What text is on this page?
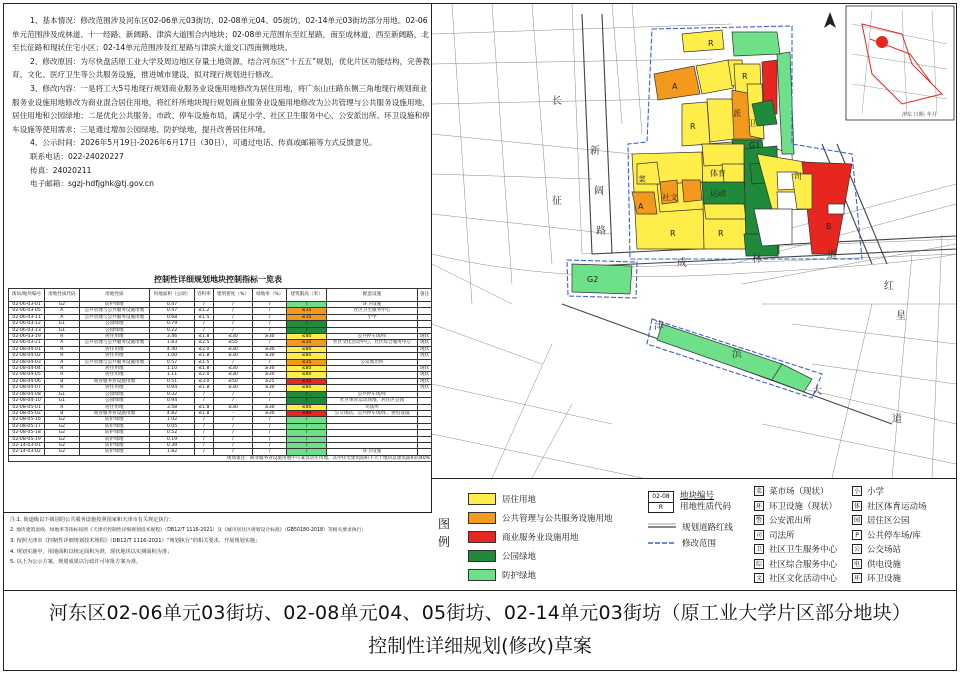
1、基本情况：修改范围涉及河东区02-06单元03街坊、02-08单元04、05街坊、02-14单元03街坊部分用地。02-06单元范围涉及成林道、十一经路、新阔路、津滨大道围合内地块；02-08单元范围东至红星路，南至成林道，西至新阔路，北至长征路和现状住宅小区；02-14单元范围涉及红星路与津滨大道交口西南侧地块。

2、修改原因：为尽快盘活原工业大学及周边地区存量土地资源，结合河东区“十五五”规划，优化片区功能结构，完善教育、文化、医疗卫生等公共服务设施，推进城市建设，拟对现行规划进行修改。

3、修改内容：一是将工大5号地现行规划商业服务业设施用地修改为居住用地，将广东山庄路东侧三角地现行规划商业服务业设施用地修改为商业混合居住用地，将红纤所地块现行规划商业服务业设施用地修改为公共管理与公共服务设施用地、居住用地和公园绿地；二是优化公共服务、市政、停车设施布局，满足小学、社区卫生服务中心、公安派出所、环卫设施和停车设施等使用需求；三是通过增加公园绿地、防护绿地，提升改善居住环境。

4、公示时间：2026年5月19日-2026年6月17日（30日），可通过电话、传真或邮箱等方式反馈意见。

联系电话：022-24020227

传真：24020211

电子邮箱：sgzj-hdfjghk@tj.gov.cn

控制性详细规划地块控制指标一览表
街坊/地块编号	用地性质代码	用地性质	用地面积（公顷）	容积率	建筑密度（%）	绿地率（%）	建筑限高（米）	配套设施	备注
02-06-03-01	G2	防护绿地	0.47	/	/	/	/	环卫设施	
02-06-03-05	A	公共管理与公共服务设施用地	0.47	≤1.2	/	/	≤35	社区卫生服务中心	
02-06-03-11	A	公共管理与公共服务设施用地	0.68	≤1.5	/	/	≤35	小学	
02-06-03-12	G1	公园绿地	0.79	/	/	/	/		
02-06-03-13	G1	公园绿地	0.22	/	/	/	/		
02-06-03-19	R	居住用地	3.46	≤1.8	≤30	≥30	≤80	公共停车场/库	现状
02-06-03-21	A	公共管理与公共服务设施用地	1.83	≤2.5	≤55	/	≤35	社区文化活动中心，社区综合服务中心	现状
02-08-04-01	R	居住用地	4.40	≤2.0	≤30	≥30	≤80		现状
02-08-04-02	R	居住用地	1.00	≤1.8	≤30	≥30	≤80		现状
02-08-04-03	A	公共管理与公共服务设施用地	0.57	≤1.5	/	/	≤35	公安派出所	
02-08-04-04	R	居住用地	1.10	≤1.8	≤30	≥30	≤80		现状
02-08-04-05	R	居住用地	1.11	≤2.0	≤30	≥30	≤80		现状
02-08-04-06	B	商业服务业设施用地	0.51	≤3.0	≤50	≥25	≤50		现状
02-08-04-07	R	居住用地	0.94	≤1.8	≤30	≥30	≤80		现状
02-08-04-08	G1	公园绿地	0.32	/	/	/	/	公共停车场/库	
02-08-04-10	G1	公园绿地	0.94	/	/	/	/	社区体育运动场地，居住区公园	
02-08-05-01	R	居住用地	3.58	≤1.8	≤30	≥30	≤80	司法所	
02-08-05-02	B	商业服务业设施用地	4.82	≤1.8	-	≥30	≤80	公交场站，公共停车场/库，供电设施	
02-08-05-16	G2	防护绿地	1.02	/	/	/	/		
02-08-05-17	G2	防护绿地	0.05	/	/	/	/		
02-08-05-18	G2	防护绿地	0.52	/	/	/	/		
02-08-05-19	G2	防护绿地	0.19	/	/	/	/		
02-14-03-01	G2	防护绿地	0.39	/	/	/	/		
02-14-03-02	G2	防护绿地	1.82	/	/	/	/	环卫设施	
规划备注：商业服务业设施用地中可兼容居住用地，其中住宅建筑面积不大于地块总建筑面积的40%									
注:1. 街道级以下级别的公共服务设施按照国家和天津市有关规定执行；
2. 地块建筑退线、绿地率等指标按照《天津市控制性详细规划技术规程》（DB12/T 1116-2021）及《城市居住区规划设计标准》（GB50180-2018）等相关要求执行；
3. 按照天津市《控制性详细规划技术规程》（DB12/T 1116-2021）“规划执行”的相关要求，开展规划实施；
4. 规划实施中，用地面积以核定面积为准，现状地块以实测面积为准；
5. 以上为公示方案，规划成果以行政许可审批方案为准。
R
A
R
R
G1
R
A
R
B
G2
菜
卫
社文
派
司
体育
运动
新
阔
路
成	林	道
红
星
津
滨
大
道
长
征
津东 日期: 年月
图例
居住用地
公共管理与公共服务设施用地
商业服务业设施用地
公园绿地
防护绿地
02-08
R
地块编号
用地性质代码
规划道路红线
修改范围
菜 菜市场（现状）
环 环卫设施（现状）
警 公安派出所
司 司法所
卫 社区卫生服务中心
综 社区综合服务中心
文 社区文化活动中心
小 小学
体 社区体育运动场
园 居住区公园
P 公共停车场/库
公 公交场站
电 供电设施
环 环卫设施
河东区02-06单元03街坊、02-08单元04、05街坊、02-14单元03街坊（原工业大学片区部分地块）
控制性详细规划(修改)草案
